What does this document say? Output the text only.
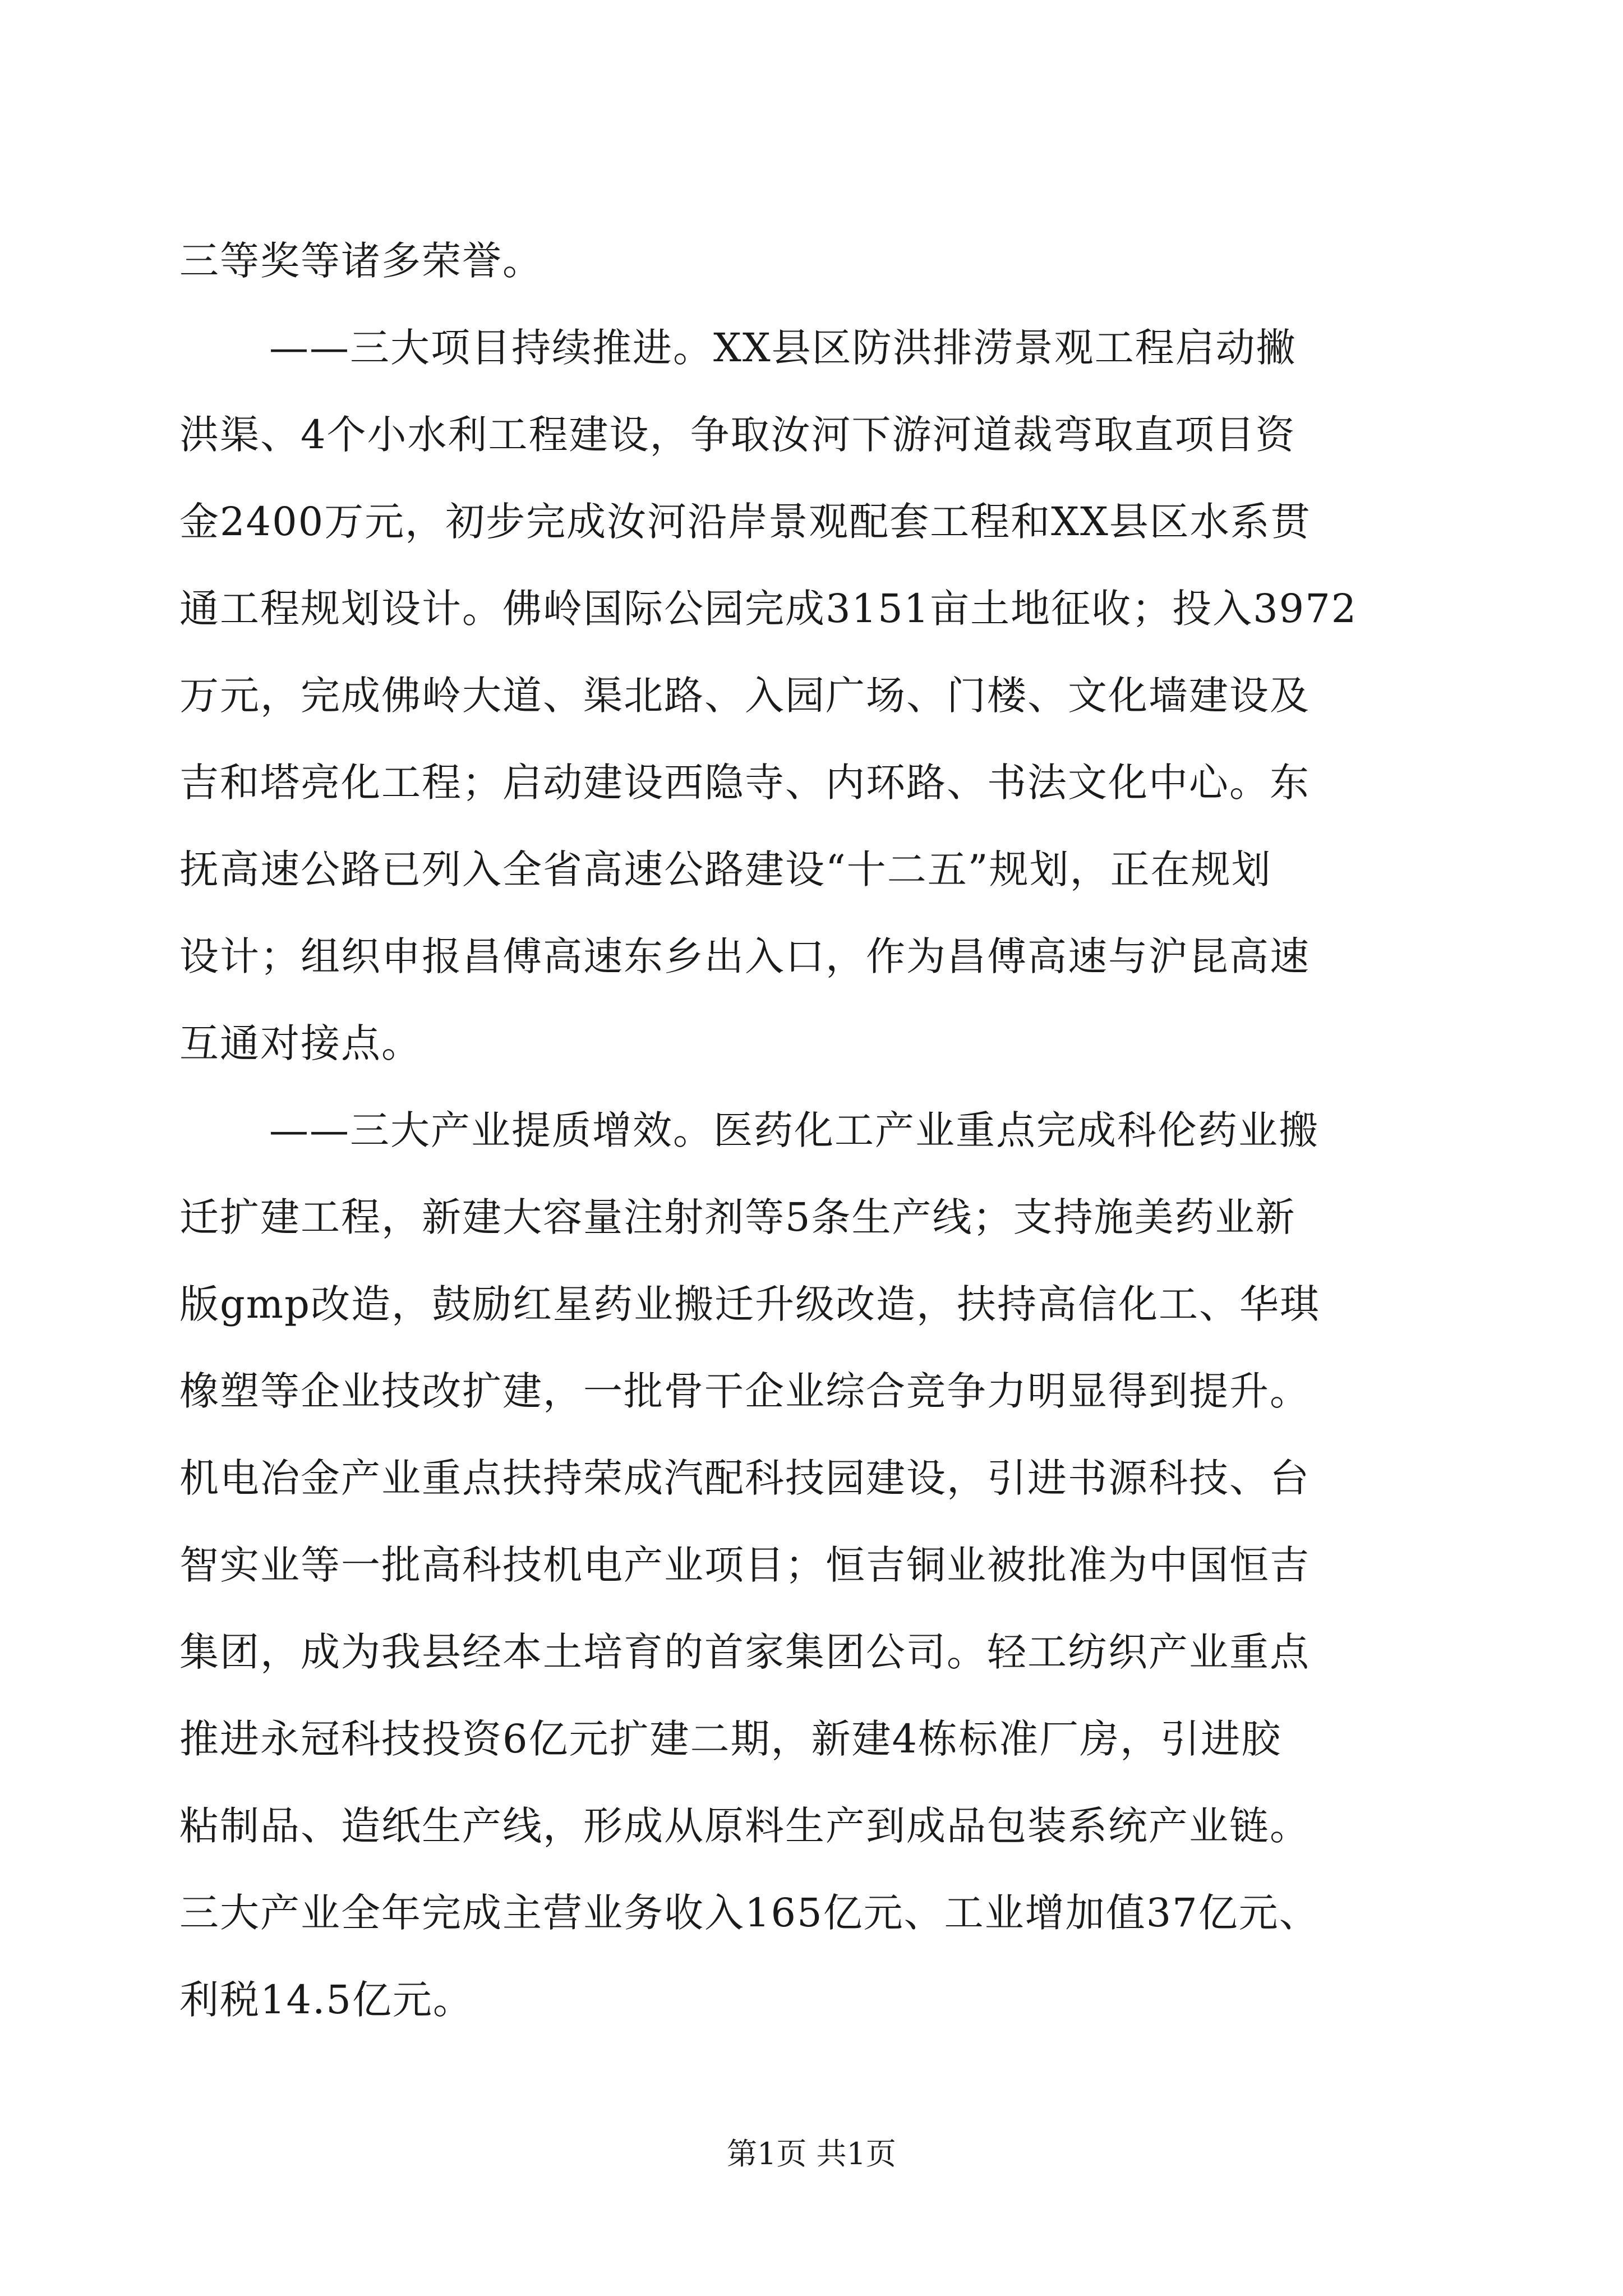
三等奖等诸多荣誉。
——三大项目持续推进。XX县区防洪排涝景观工程启动撇
洪渠、4个小水利工程建设，争取汝河下游河道裁弯取直项目资
金2400万元，初步完成汝河沿岸景观配套工程和XX县区水系贯
通工程规划设计。佛岭国际公园完成3151亩土地征收；投入3972
万元，完成佛岭大道、渠北路、入园广场、门楼、文化墙建设及
吉和塔亮化工程；启动建设西隐寺、内环路、书法文化中心。东
抚高速公路已列入全省高速公路建设“十二五”规划，正在规划
设计；组织申报昌傅高速东乡出入口，作为昌傅高速与沪昆高速
互通对接点。
——三大产业提质增效。医药化工产业重点完成科伦药业搬
迁扩建工程，新建大容量注射剂等5条生产线；支持施美药业新
版gmp改造，鼓励红星药业搬迁升级改造，扶持高信化工、华琪
橡塑等企业技改扩建，一批骨干企业综合竞争力明显得到提升。
机电冶金产业重点扶持荣成汽配科技园建设，引进书源科技、台
智实业等一批高科技机电产业项目；恒吉铜业被批准为中国恒吉
集团，成为我县经本土培育的首家集团公司。轻工纺织产业重点
推进永冠科技投资6亿元扩建二期，新建4栋标准厂房，引进胶
粘制品、造纸生产线，形成从原料生产到成品包装系统产业链。
三大产业全年完成主营业务收入165亿元、工业增加值37亿元、
利税14.5亿元。
第1页 共1页
